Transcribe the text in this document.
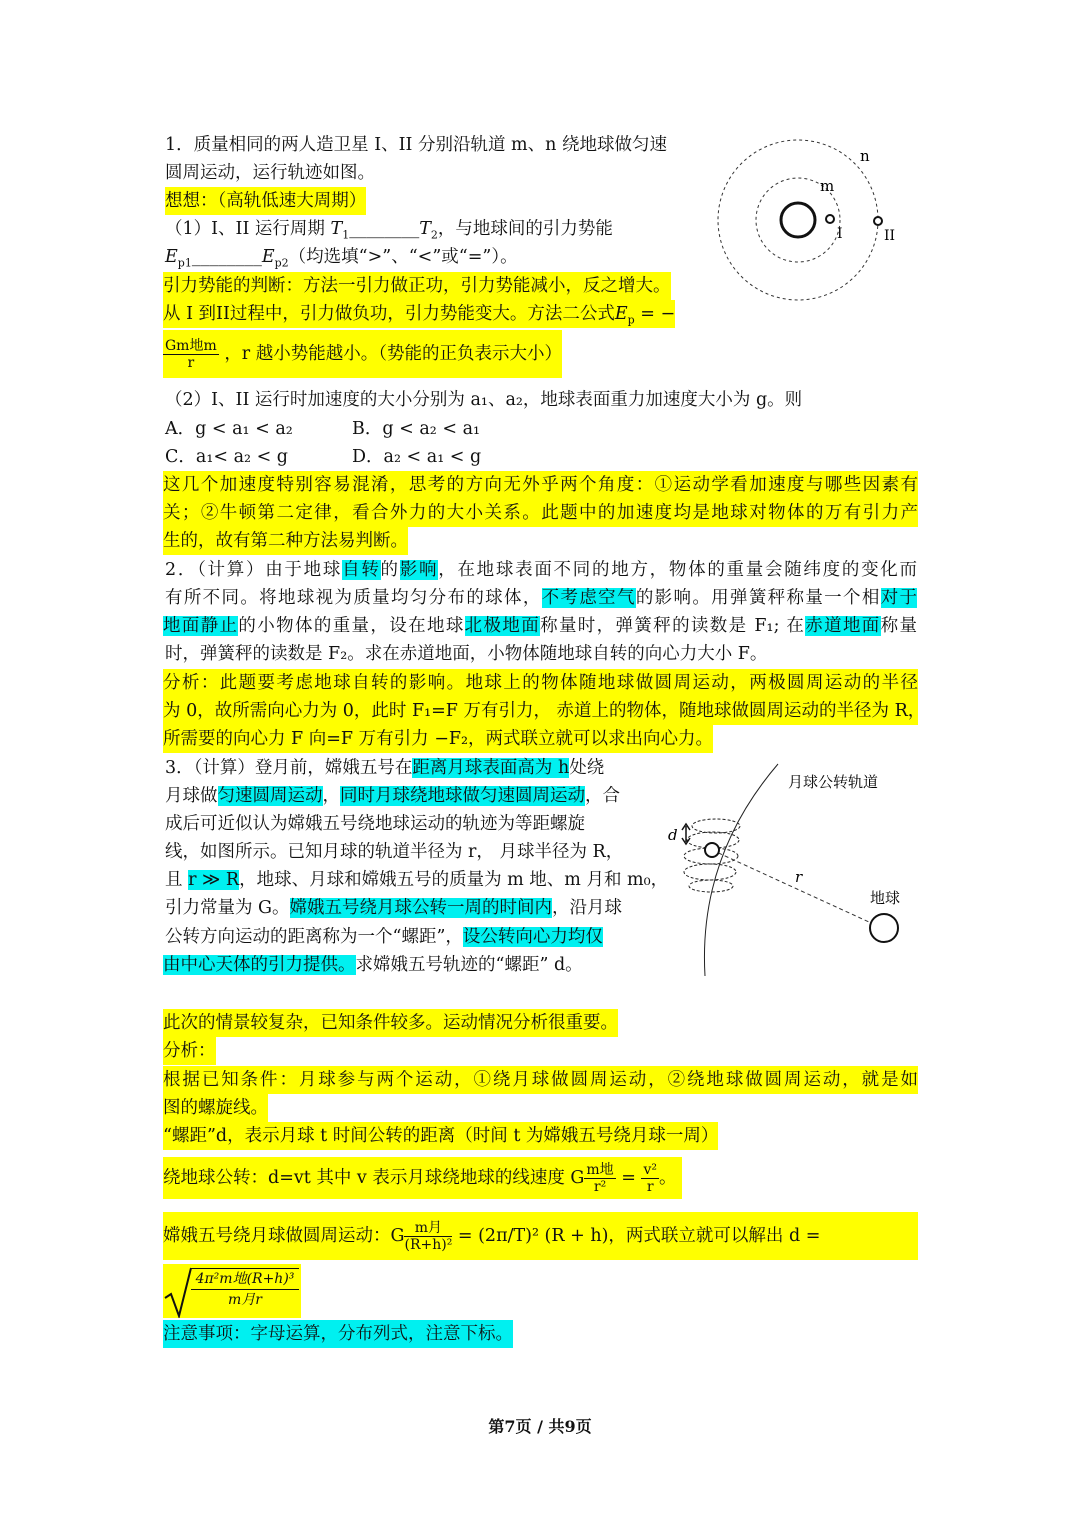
1．质量相同的两人造卫星 I、II 分别沿轨道 m、n 绕地球做匀速
圆周运动，运行轨迹如图。
想想：（高轨低速大周期）
（1）I、II 运行周期 $T_1\_\_\_\_\_\_\_\_T_2$，与地球间的引力势能
$E_{p1}\_\_\_\_\_\_\_\_E_{p2}$（均选填“>”、“<”或“=”）。
引力势能的判断：方法一引力做正功，引力势能减小，反之增大。
从 I 到II过程中，引力做负功，引力势能变大。方法二公式$E_p$ = −
$\frac{\text{Gm地m}}{r}$ ，r 越小势能越小。（势能的正负表示大小）
n
m
I	II
（2）I、II 运行时加速度的大小分别为 a₁、a₂，地球表面重力加速度大小为 g。则
A．g < a₁ < a₂	B．g < a₂ < a₁
C．a₁< a₂ < g	D．a₂ < a₁ < g
这几个加速度特别容易混淆，思考的方向无外乎两个角度：①运动学看加速度与哪些因素有
关；②牛顿第二定律，看合外力的大小关系。此题中的加速度均是地球对物体的万有引力产
生的，故有第二种方法易判断。
2．（计算）由于地球自转的影响，在地球表面不同的地方，物体的重量会随纬度的变化而
有所不同。将地球视为质量均匀分布的球体，不考虑空气的影响。用弹簧秤称量一个相对于
地面静止的小物体的重量，设在地球北极地面称量时，弹簧秤的读数是 F₁; 在赤道地面称量
时，弹簧秤的读数是 F₂。求在赤道地面，小物体随地球自转的向心力大小 F。
分析：此题要考虑地球自转的影响。地球上的物体随地球做圆周运动，两极圆周运动的半径
为 0，故所需向心力为 0，此时 F₁=F 万有引力， 赤道上的物体，随地球做圆周运动的半径为 R，
所需要的向心力 F 向=F 万有引力 −F₂，两式联立就可以求出向心力。
3．（计算）登月前，嫦娥五号在距离月球表面高为 h处绕
月球做匀速圆周运动，同时月球绕地球做匀速圆周运动，合
成后可近似认为嫦娥五号绕地球运动的轨迹为等距螺旋
线，如图所示。已知月球的轨道半径为 r， 月球半径为 R，
且 r ≫ R，地球、月球和嫦娥五号的质量为 m 地、m 月和 m₀，
引力常量为 G。嫦娥五号绕月球公转一周的时间内，沿月球
公转方向运动的距离称为一个“螺距”，设公转向心力均仅
由中心天体的引力提供。求嫦娥五号轨迹的“螺距” d。
月球公转轨道
r
地球
d
此次的情景较复杂，已知条件较多。运动情况分析很重要。
分析：
根据已知条件：月球参与两个运动，①绕月球做圆周运动，②绕地球做圆周运动，就是如
图的螺旋线。
“螺距”d，表示月球 t 时间公转的距离（时间 t 为嫦娥五号绕月球一周）
绕地球公转：d=vt 其中 v 表示月球绕地球的线速度 G $\frac{\text{m地}}{\text{r²}} = \frac{\text{v²}}{r}$ 。
嫦娥五号绕月球做圆周运动：G $\frac{\text{m月}}{\text{(R+h)²}} = (2\pi/T)^2$ (R + h)，两式联立就可以解出 d =
4π²m地(R+h)³
m月r
注意事项：字母运算，分布列式，注意下标。
第7页 / 共9页
